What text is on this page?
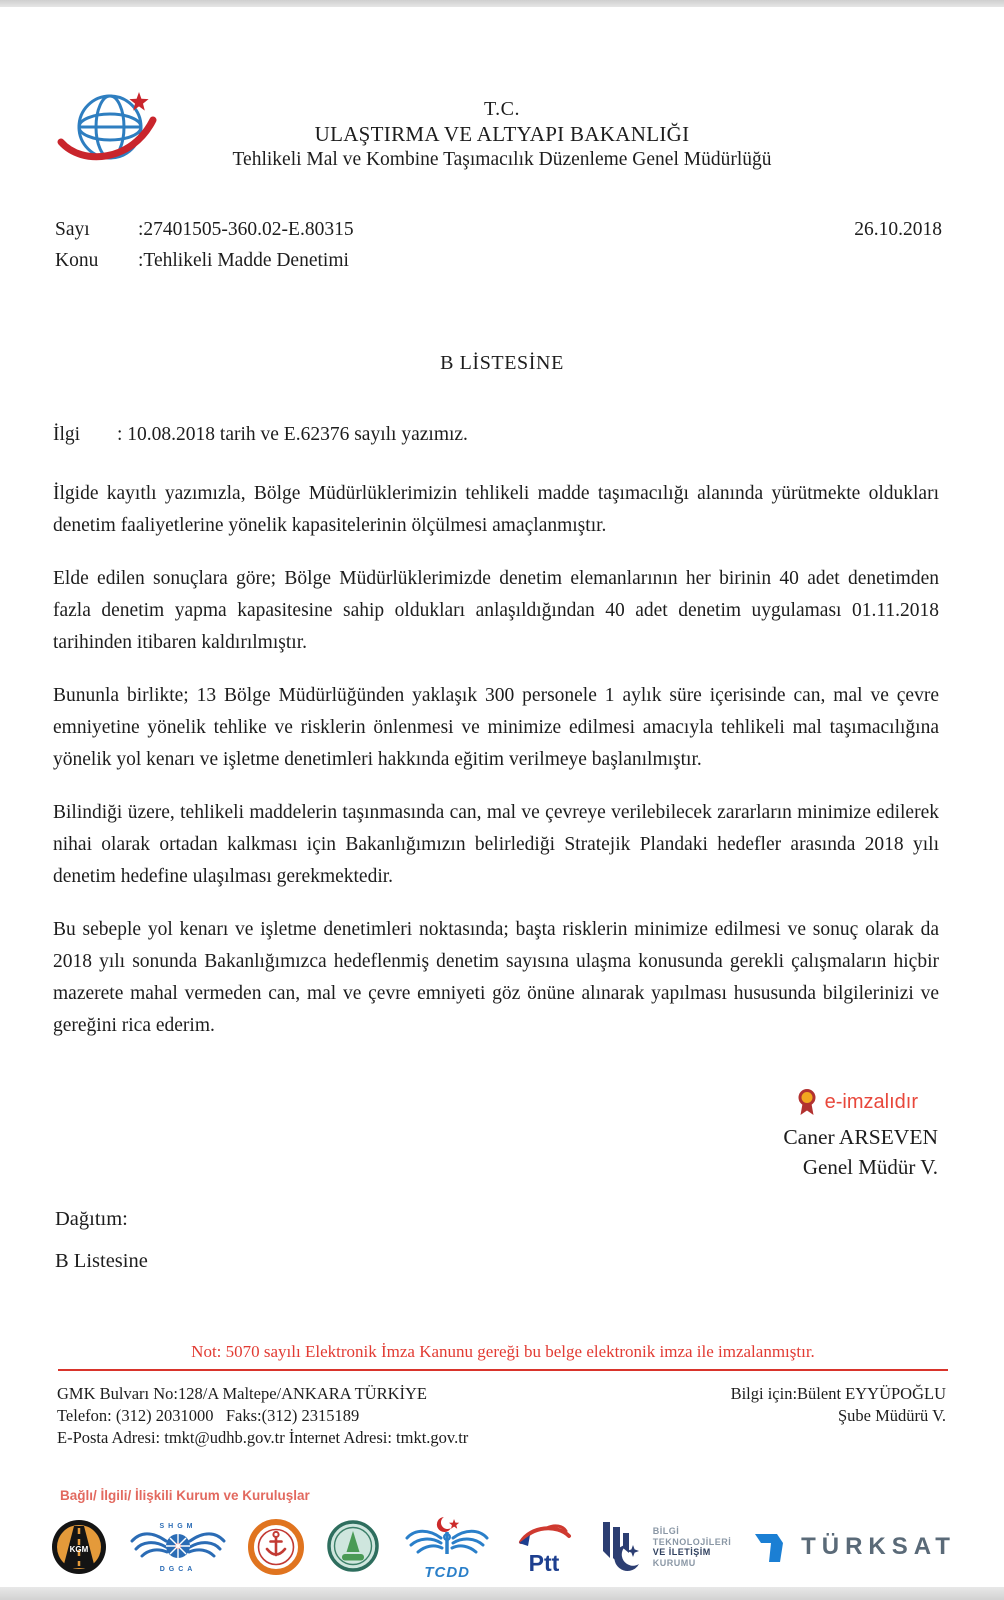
T.C.
ULAŞTIRMA VE ALTYAPI BAKANLIĞI
Tehlikeli Mal ve Kombine Taşımacılık Düzenleme Genel Müdürlüğü
Sayı	:27401505-360.02-E.80315	26.10.2018
Konu	:Tehlikeli Madde Denetimi
B LİSTESİNE
İlgi	: 10.08.2018 tarih ve E.62376 sayılı yazımız.

İlgide kayıtlı yazımızla, Bölge Müdürlüklerimizin tehlikeli madde taşımacılığı alanında yürütmekte oldukları denetim faaliyetlerine yönelik kapasitelerinin ölçülmesi amaçlanmıştır.

Elde edilen sonuçlara göre; Bölge Müdürlüklerimizde denetim elemanlarının her birinin 40 adet denetimden fazla denetim yapma kapasitesine sahip oldukları anlaşıldığından 40 adet denetim uygulaması 01.11.2018 tarihinden itibaren kaldırılmıştır.

Bununla birlikte; 13 Bölge Müdürlüğünden yaklaşık 300 personele 1 aylık süre içerisinde can, mal ve çevre emniyetine yönelik tehlike ve risklerin önlenmesi ve minimize edilmesi amacıyla tehlikeli mal taşımacılığına yönelik yol kenarı ve işletme denetimleri hakkında eğitim verilmeye başlanılmıştır.

Bilindiği üzere, tehlikeli maddelerin taşınmasında can, mal ve çevreye verilebilecek zararların minimize edilerek nihai olarak ortadan kalkması için Bakanlığımızın belirlediği Stratejik Plandaki hedefler arasında 2018 yılı denetim hedefine ulaşılması gerekmektedir.

Bu sebeple yol kenarı ve işletme denetimleri noktasında; başta risklerin minimize edilmesi ve sonuç olarak da 2018 yılı sonunda Bakanlığımızca hedeflenmiş denetim sayısına ulaşma konusunda gerekli çalışmaların hiçbir mazerete mahal vermeden can, mal ve çevre emniyeti göz önüne alınarak yapılması hususunda bilgilerinizi ve gereğini rica ederim.

e-imzalıdır
Caner ARSEVEN
Genel Müdür V.
Dağıtım:
B Listesine
Not: 5070 sayılı Elektronik İmza Kanunu gereği bu belge elektronik imza ile imzalanmıştır.
GMK Bulvarı No:128/A Maltepe/ANKARA TÜRKİYE
Telefon: (312) 2031000   Faks:(312) 2315189
E-Posta Adresi: tmkt@udhb.gov.tr İnternet Adresi: tmkt.gov.tr
Bilgi için:Bülent EYYÜPOĞLU
Şube Müdürü V.
Bağlı/ İlgili/ İlişkili Kurum ve Kuruluşlar
KGM
SHGM
DGCA	TCDD	Ptt
BİLGİ
TEKNOLOJİLERİ
VE İLETİŞİM
KURUMU
TÜRKSAT
